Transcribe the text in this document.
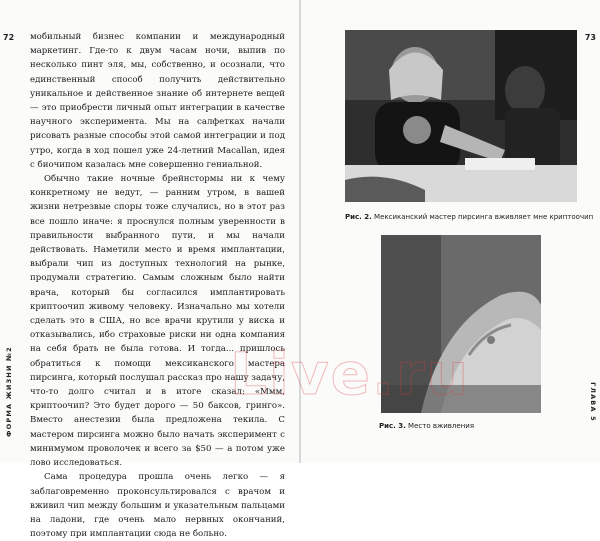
72 мобильный бизнес компании и международный маркетинг. Где-то к двум часам ночи, выпив по несколько пинт эля, мы, собственно, и осознали, что единственный способ получить действительно уникальное и действенное знание об интернете вещей — это приобрести личный опыт интеграции в качестве научного эксперимента. Мы на салфетках начали рисовать разные способы этой самой интеграции и под утро, когда в ход пошел уже 24-летний Macallan, идея с биочипом казалась мне совершенно гениальной.

Обычно такие ночные брейнстормы ни к чему конкретному не ведут, — ранним утром, в вашей жизни нетрезвые споры тоже случались, но в этот раз все пошло иначе: я проснулся полным уверенности в правильности выбранного пути, и мы начали действовать. Наметили место и время имплантации, выбрали чип из доступных технологий на рынке, продумали стратегию. Самым сложным было найти врача, который бы согласился имплантировать криптоочип живому человеку. Изначально мы хотели сделать это в США, но все врачи крутили у виска и отказывались, ибо страховые риски ни одна компания на себя брать не была готова. И тогда... пришлось обратиться к помощи мексиканского мастера пирсинга, который послушал рассказ про нашу задачу, что-то долго считал и в итоге сказал: «Ммм, криптоочип? Это будет дорого — 50 баксов, гринго». Вместо анестезии была предложена текила. С мастером пирсинга можно было начать эксперимент с минимумом проволочек и всего за $50 — а потом уже лово исследоваться.

Сама процедура прошла очень легко — я заблаговременно проконсультировался с врачом и вживил чип между большим и указательным пальцами на ладони, где очень мало нервных окончаний, поэтому при имплантации сюда не больно.

ФОРМА ЖИЗНИ №2
73
Рис. 2. Мексиканский мастер пирсинга вживляет мне криптоочип
Рис. 3. Место вживления
ГЛАВА 5
